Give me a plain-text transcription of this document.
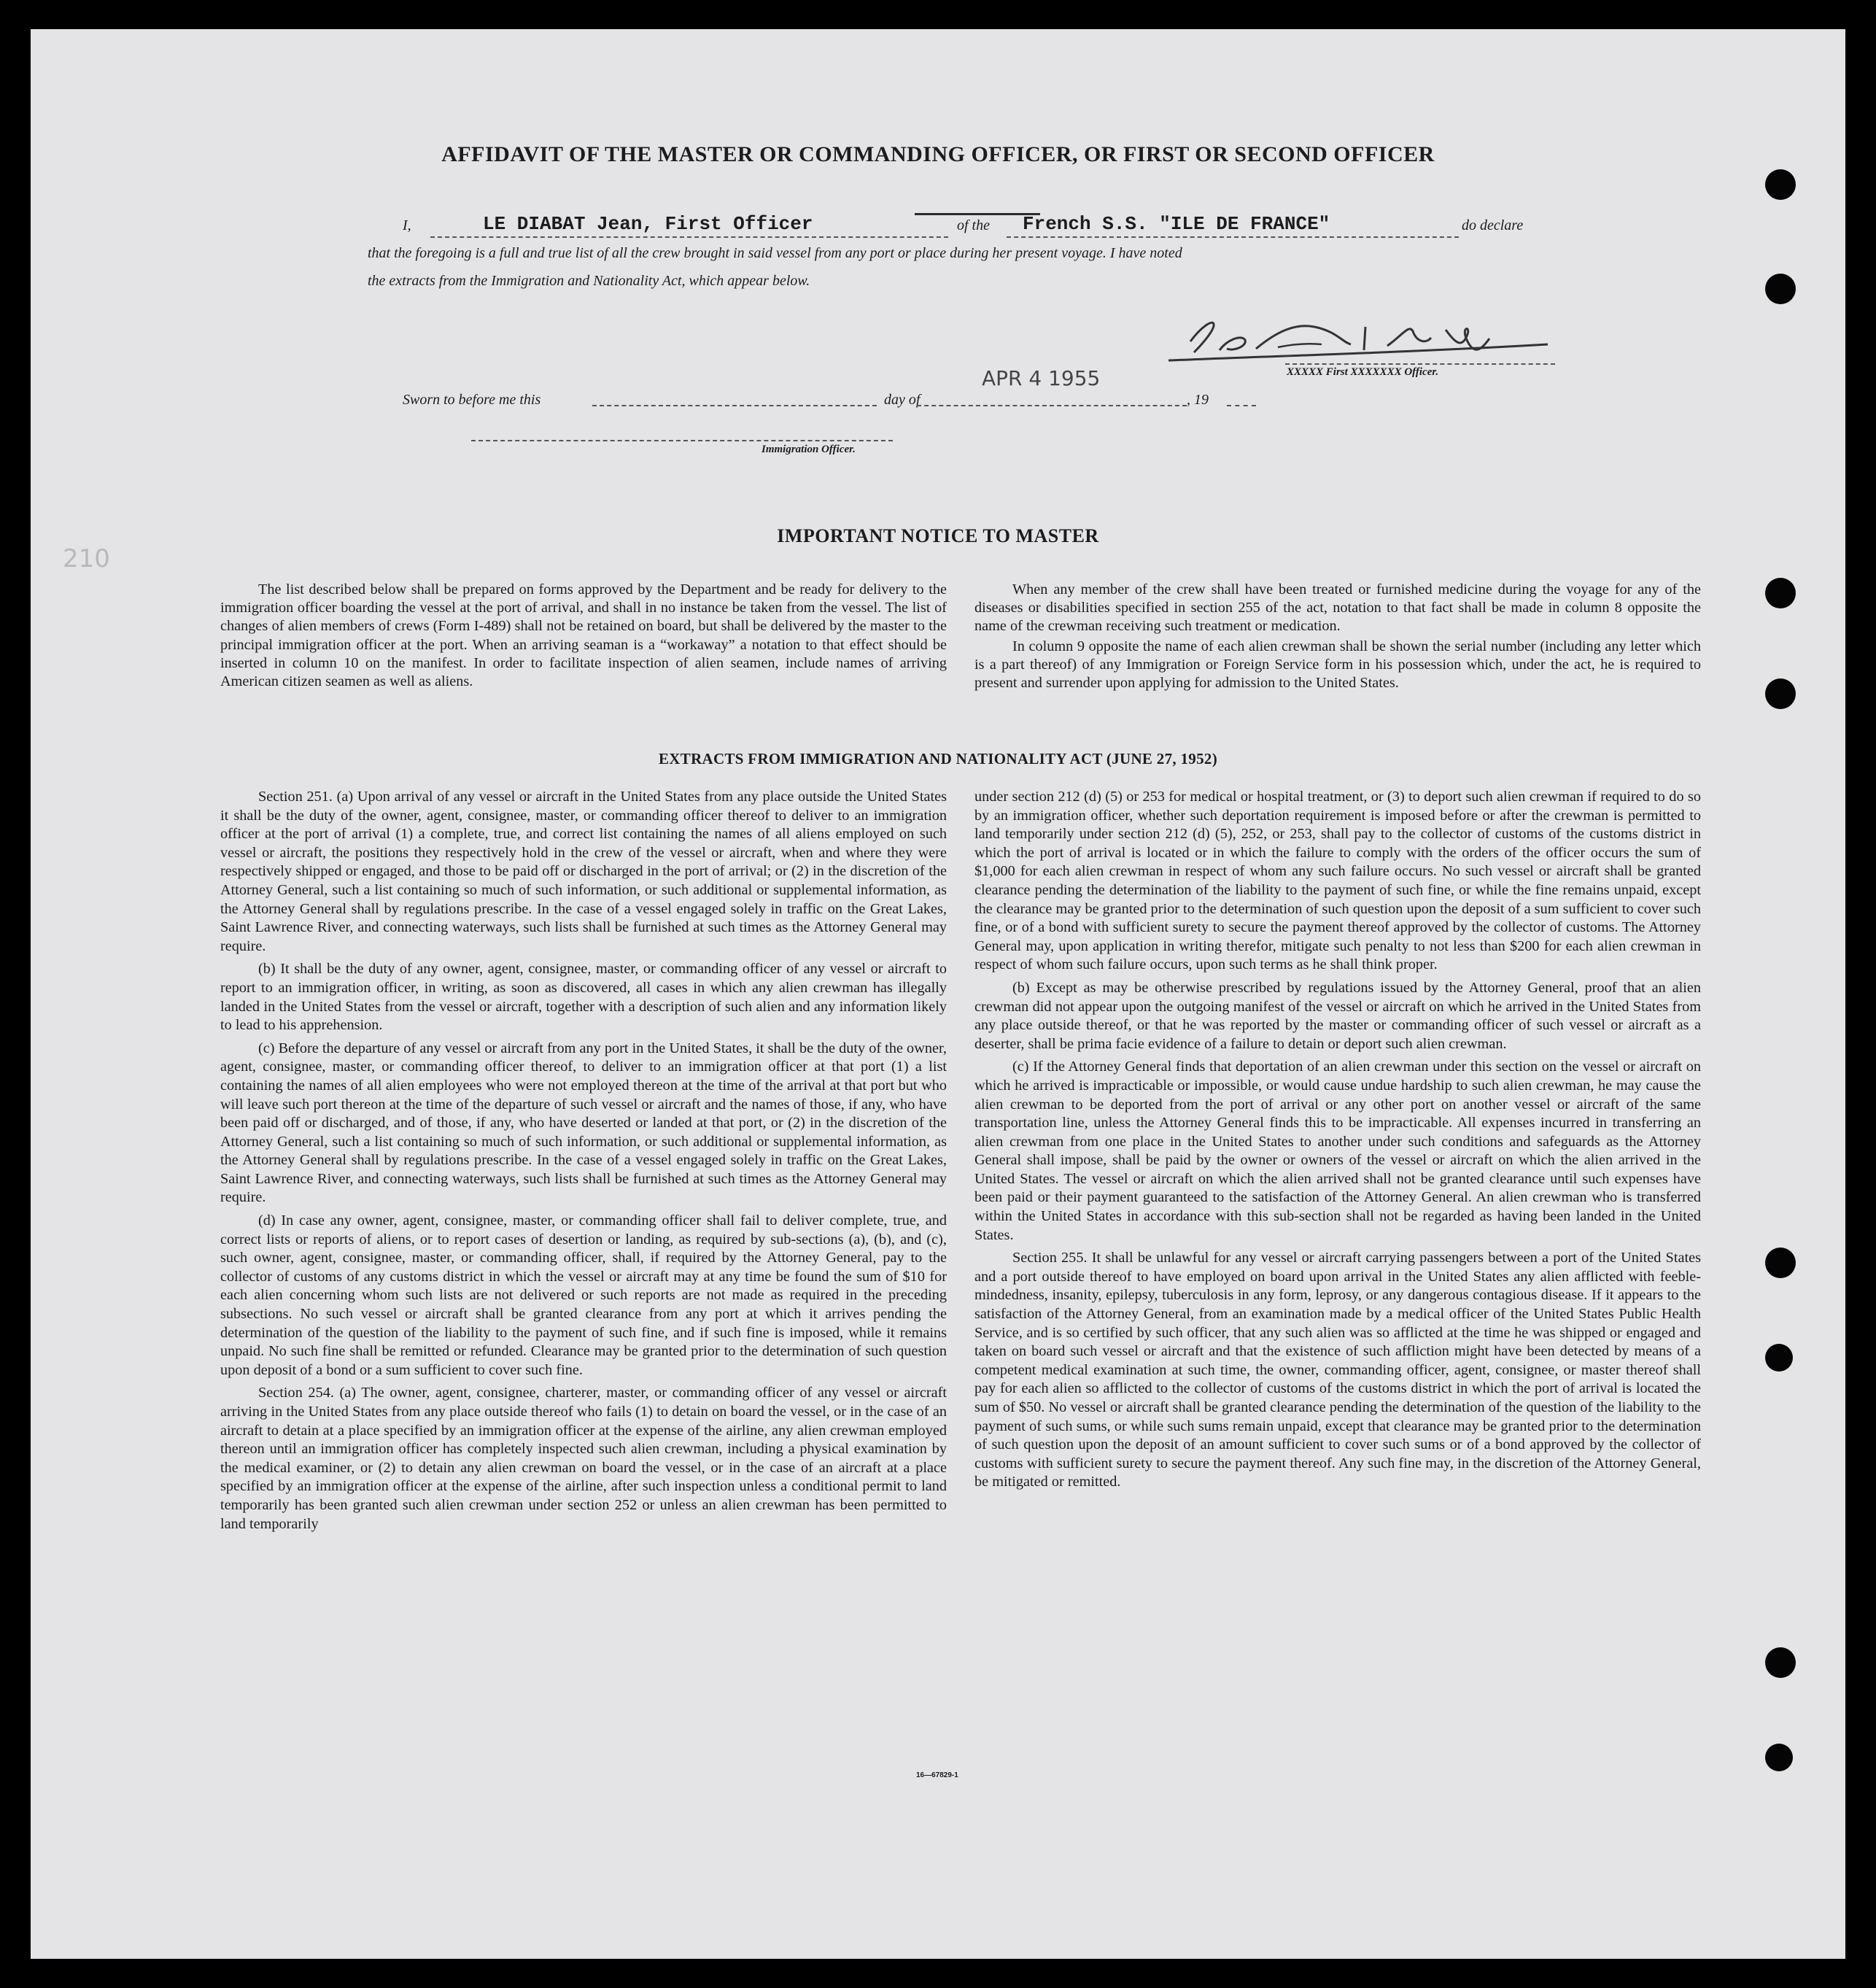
AFFIDAVIT OF THE MASTER OR COMMANDING OFFICER, OR FIRST OR SECOND OFFICER
I,	LE DIABAT Jean, First Officer	of the French S.S. "ILE DE FRANCE"	do declare
that the foregoing is a full and true list of all the crew brought in said vessel from any port or place during her present voyage. I have noted
the extracts from the Immigration and Nationality Act, which appear below.
XXXXX First XXXXXXX Officer.
Sworn to before me this	day of
APR 4 1955
, 19
Immigration Officer.
210
IMPORTANT NOTICE TO MASTER

The list described below shall be prepared on forms approved by the Department and be ready for delivery to the immigration officer boarding the vessel at the port of arrival, and shall in no instance be taken from the vessel. The list of changes of alien members of crews (Form I-489) shall not be retained on board, but shall be delivered by the master to the principal immigration officer at the port. When an arriving seaman is a “workaway” a notation to that effect should be inserted in column 10 on the manifest. In order to facilitate inspection of alien seamen, include names of arriving American citizen seamen as well as aliens.

When any member of the crew shall have been treated or furnished medicine during the voyage for any of the diseases or disabilities specified in section 255 of the act, notation to that fact shall be made in column 8 opposite the name of the crewman receiving such treatment or medication.

In column 9 opposite the name of each alien crewman shall be shown the serial number (including any letter which is a part thereof) of any Immigration or Foreign Service form in his possession which, under the act, he is required to present and surrender upon applying for admission to the United States.

EXTRACTS FROM IMMIGRATION AND NATIONALITY ACT (JUNE 27, 1952)

Section 251. (a) Upon arrival of any vessel or aircraft in the United States from any place outside the United States it shall be the duty of the owner, agent, consignee, master, or commanding officer thereof to deliver to an immigration officer at the port of arrival (1) a complete, true, and correct list containing the names of all aliens employed on such vessel or aircraft, the positions they respectively hold in the crew of the vessel or aircraft, when and where they were respectively shipped or engaged, and those to be paid off or discharged in the port of arrival; or (2) in the discretion of the Attorney General, such a list containing so much of such information, or such additional or supplemental information, as the Attorney General shall by regulations prescribe. In the case of a vessel engaged solely in traffic on the Great Lakes, Saint Lawrence River, and connecting waterways, such lists shall be furnished at such times as the Attorney General may require.

(b) It shall be the duty of any owner, agent, consignee, master, or commanding officer of any vessel or aircraft to report to an immigration officer, in writing, as soon as discovered, all cases in which any alien crewman has illegally landed in the United States from the vessel or aircraft, together with a description of such alien and any information likely to lead to his apprehension.

(c) Before the departure of any vessel or aircraft from any port in the United States, it shall be the duty of the owner, agent, consignee, master, or commanding officer thereof, to deliver to an immigration officer at that port (1) a list containing the names of all alien employees who were not employed thereon at the time of the arrival at that port but who will leave such port thereon at the time of the departure of such vessel or aircraft and the names of those, if any, who have been paid off or discharged, and of those, if any, who have deserted or landed at that port, or (2) in the discretion of the Attorney General, such a list containing so much of such information, or such additional or supplemental information, as the Attorney General shall by regulations prescribe. In the case of a vessel engaged solely in traffic on the Great Lakes, Saint Lawrence River, and connecting waterways, such lists shall be furnished at such times as the Attorney General may require.

(d) In case any owner, agent, consignee, master, or commanding officer shall fail to deliver complete, true, and correct lists or reports of aliens, or to report cases of desertion or landing, as required by sub-sections (a), (b), and (c), such owner, agent, consignee, master, or commanding officer, shall, if required by the Attorney General, pay to the collector of customs of any customs district in which the vessel or aircraft may at any time be found the sum of $10 for each alien concerning whom such lists are not delivered or such reports are not made as required in the preceding subsections. No such vessel or aircraft shall be granted clearance from any port at which it arrives pending the determination of the question of the liability to the payment of such fine, and if such fine is imposed, while it remains unpaid. No such fine shall be remitted or refunded. Clearance may be granted prior to the determination of such question upon deposit of a bond or a sum sufficient to cover such fine.

Section 254. (a) The owner, agent, consignee, charterer, master, or commanding officer of any vessel or aircraft arriving in the United States from any place outside thereof who fails (1) to detain on board the vessel, or in the case of an aircraft to detain at a place specified by an immigration officer at the expense of the airline, any alien crewman employed thereon until an immigration officer has completely inspected such alien crewman, including a physical examination by the medical examiner, or (2) to detain any alien crewman on board the vessel, or in the case of an aircraft at a place specified by an immigration officer at the expense of the airline, after such inspection unless a conditional permit to land temporarily has been granted such alien crewman under section 252 or unless an alien crewman has been permitted to land temporarily

under section 212 (d) (5) or 253 for medical or hospital treatment, or (3) to deport such alien crewman if required to do so by an immigration officer, whether such deportation requirement is imposed before or after the crewman is permitted to land temporarily under section 212 (d) (5), 252, or 253, shall pay to the collector of customs of the customs district in which the port of arrival is located or in which the failure to comply with the orders of the officer occurs the sum of $1,000 for each alien crewman in respect of whom any such failure occurs. No such vessel or aircraft shall be granted clearance pending the determination of the liability to the payment of such fine, or while the fine remains unpaid, except the clearance may be granted prior to the determination of such question upon the deposit of a sum sufficient to cover such fine, or of a bond with sufficient surety to secure the payment thereof approved by the collector of customs. The Attorney General may, upon application in writing therefor, mitigate such penalty to not less than $200 for each alien crewman in respect of whom such failure occurs, upon such terms as he shall think proper.

(b) Except as may be otherwise prescribed by regulations issued by the Attorney General, proof that an alien crewman did not appear upon the outgoing manifest of the vessel or aircraft on which he arrived in the United States from any place outside thereof, or that he was reported by the master or commanding officer of such vessel or aircraft as a deserter, shall be prima facie evidence of a failure to detain or deport such alien crewman.

(c) If the Attorney General finds that deportation of an alien crewman under this section on the vessel or aircraft on which he arrived is impracticable or impossible, or would cause undue hardship to such alien crewman, he may cause the alien crewman to be deported from the port of arrival or any other port on another vessel or aircraft of the same transportation line, unless the Attorney General finds this to be impracticable. All expenses incurred in transferring an alien crewman from one place in the United States to another under such conditions and safeguards as the Attorney General shall impose, shall be paid by the owner or owners of the vessel or aircraft on which the alien arrived in the United States. The vessel or aircraft on which the alien arrived shall not be granted clearance until such expenses have been paid or their payment guaranteed to the satisfaction of the Attorney General. An alien crewman who is transferred within the United States in accordance with this sub-section shall not be regarded as having been landed in the United States.

Section 255. It shall be unlawful for any vessel or aircraft carrying passengers between a port of the United States and a port outside thereof to have employed on board upon arrival in the United States any alien afflicted with feeble-mindedness, insanity, epilepsy, tuberculosis in any form, leprosy, or any dangerous contagious disease. If it appears to the satisfaction of the Attorney General, from an examination made by a medical officer of the United States Public Health Service, and is so certified by such officer, that any such alien was so afflicted at the time he was shipped or engaged and taken on board such vessel or aircraft and that the existence of such affliction might have been detected by means of a competent medical examination at such time, the owner, commanding officer, agent, consignee, or master thereof shall pay for each alien so afflicted to the collector of customs of the customs district in which the port of arrival is located the sum of $50. No vessel or aircraft shall be granted clearance pending the determination of the question of the liability to the payment of such sums, or while such sums remain unpaid, except that clearance may be granted prior to the determination of such question upon the deposit of an amount sufficient to cover such sums or of a bond approved by the collector of customs with sufficient surety to secure the payment thereof. Any such fine may, in the discretion of the Attorney General, be mitigated or remitted.

16—67829-1
